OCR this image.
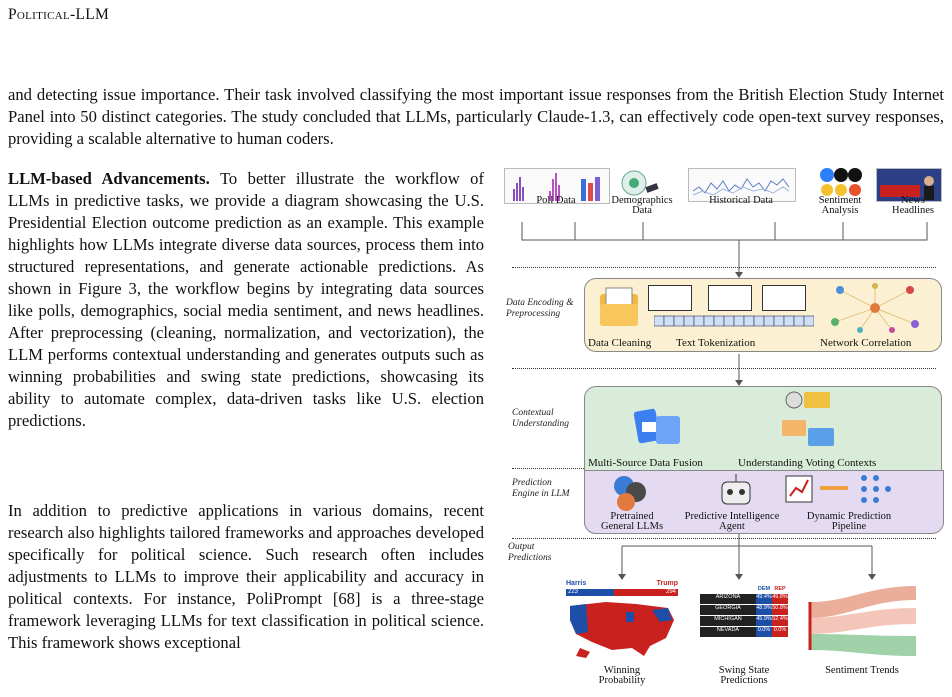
Political-LLM
and detecting issue importance. Their task involved classifying the most important issue responses from the British Election Study Internet Panel into 50 distinct categories. The study concluded that LLMs, particularly Claude-1.3, can effectively code open-text survey responses, providing a scalable alternative to human coders.
LLM-based Advancements. To better illustrate the workflow of LLMs in predictive tasks, we provide a diagram showcasing the U.S. Presidential Election outcome prediction as an example. This example highlights how LLMs integrate diverse data sources, process them into structured representations, and generate actionable predictions. As shown in Figure 3, the workflow begins by integrating data sources like polls, demographics, social media sentiment, and news headlines. After preprocessing (cleaning, normalization, and vectorization), the LLM performs contextual understanding and generates outputs such as winning probabilities and swing state predictions, showcasing its ability to automate complex, data-driven tasks like U.S. election predictions.
In addition to predictive applications in various domains, recent research also highlights tailored frameworks and approaches developed specifically for political science. Such research often includes adjustments to LLMs to improve their applicability and accuracy in political contexts. For instance, PoliPrompt [68] is a three-stage framework leveraging LLMs for text classification in political science. This framework shows exceptional
Poll Data	Demographics Data
Historical Data	Sentiment Analysis
News Headlines
Data Encoding & Preprocessing
Data Cleaning Text Tokenization	Network Correlation
Contextual Understanding
Multi-Source Data Fusion	Understanding Voting Contexts
Prediction Engine in LLM
Pretrained General LLMs
Predictive Intelligence Agent
Dynamic Prediction Pipeline
Output Predictions
Harris	Trump
223	294
Winning Probability
DEM REP
ARIZONA	49.4% 49.8%
GEORGIA	48.9% 50.8%
MICHIGAN	45.9% 52.4%
NEVADA	0.0% 0.0%
Swing State Predictions
Sentiment Trends
